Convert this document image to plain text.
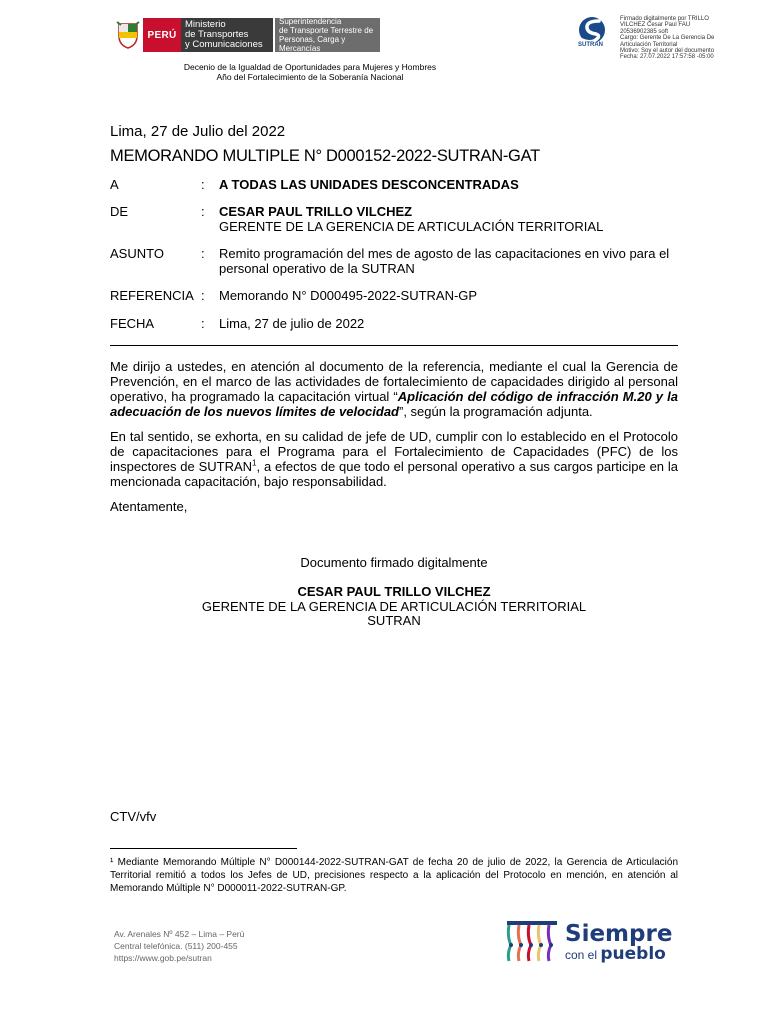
PERÚ
Ministerio
de Transportes
y Comunicaciones
Superintendencia
de Transporte Terrestre de
Personas, Carga y Mercancías
Decenio de la Igualdad de Oportunidades para Mujeres y Hombres
Año del Fortalecimiento de la Soberanía Nacional
SUTRAN
Firmado digitalmente por TRILLO
VILCHEZ Cesar Paul FAU
20536902385 soft
Cargo: Gerente De La Gerencia De
Articulación Territorial
Motivo: Soy el autor del documento
Fecha: 27.07.2022 17:57:58 -05:00
Lima, 27 de Julio del 2022
MEMORANDO MULTIPLE N° D000152-2022-SUTRAN-GAT
A	: A TODAS LAS UNIDADES DESCONCENTRADAS
DE	: CESAR PAUL TRILLO VILCHEZ
GERENTE DE LA GERENCIA DE ARTICULACIÓN TERRITORIAL
ASUNTO	: Remito programación del mes de agosto de las capacitaciones en vivo para el personal operativo de la SUTRAN
REFERENCIA : Memorando N° D000495-2022-SUTRAN-GP
FECHA	: Lima, 27 de julio de 2022

Me dirijo a ustedes, en atención al documento de la referencia, mediante el cual la Gerencia de Prevención, en el marco de las actividades de fortalecimiento de capacidades dirigido al personal operativo, ha programado la capacitación virtual “Aplicación del código de infracción M.20 y la adecuación de los nuevos límites de velocidad”, según la programación adjunta.

En tal sentido, se exhorta, en su calidad de jefe de UD, cumplir con lo establecido en el Protocolo de capacitaciones para el Programa para el Fortalecimiento de Capacidades (PFC) de los inspectores de SUTRAN$^1$, a efectos de que todo el personal operativo a sus cargos participe en la mencionada capacitación, bajo responsabilidad.

Atentamente,
Documento firmado digitalmente
CESAR PAUL TRILLO VILCHEZ
GERENTE DE LA GERENCIA DE ARTICULACIÓN TERRITORIAL
SUTRAN
CTV/vfv
¹ Mediante Memorando Múltiple N° D000144-2022-SUTRAN-GAT de fecha 20 de julio de 2022, la Gerencia de Articulación Territorial remitió a todos los Jefes de UD, precisiones respecto a la aplicación del Protocolo en mención, en atención al Memorando Múltiple N° D000011-2022-SUTRAN-GP.
Av. Arenales Nº 452 – Lima – Perú
Central telefónica. (511) 200-455
https://www.gob.pe/sutran
Siempre
con el pueblo
